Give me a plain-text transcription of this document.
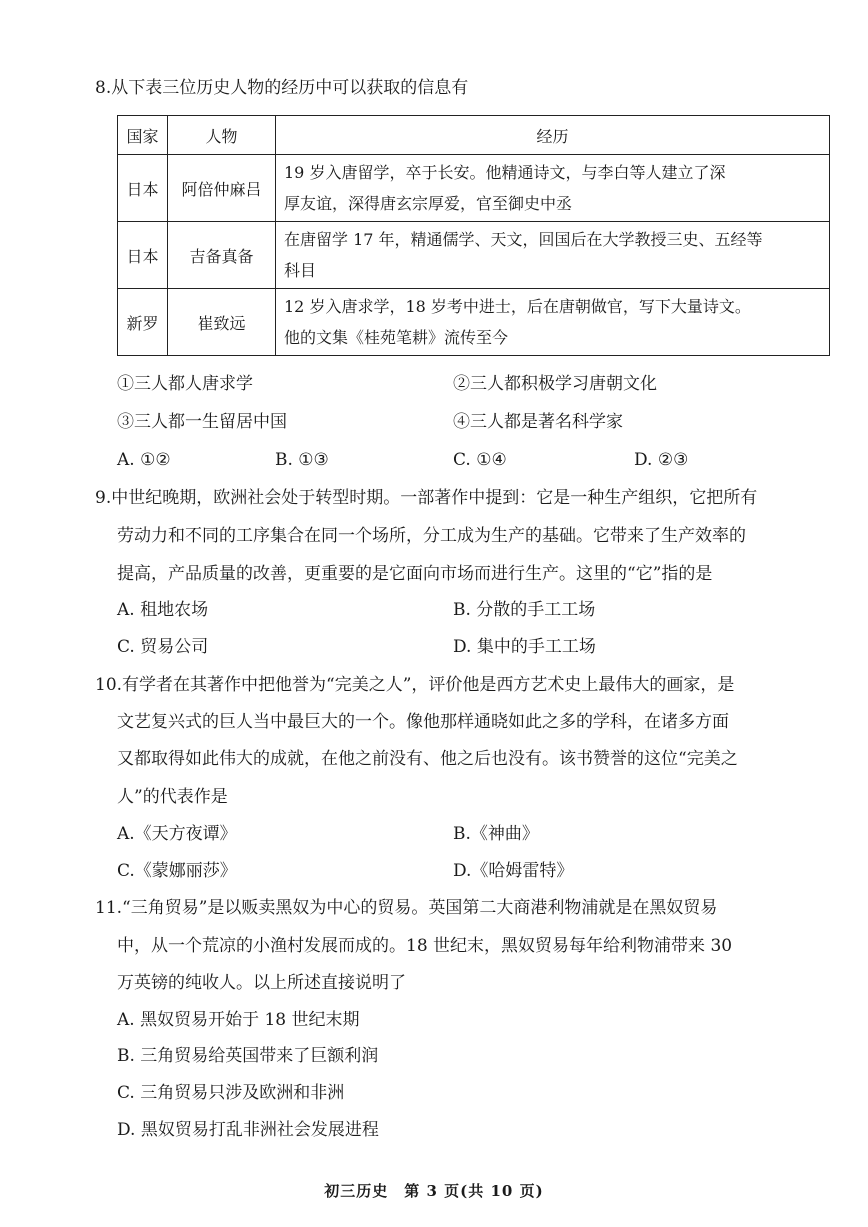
8.从下表三位历史人物的经历中可以获取的信息有
国家	人物	经历
日本	阿倍仲麻吕	19 岁入唐留学，卒于长安。他精通诗文，与李白等人建立了深
厚友谊，深得唐玄宗厚爱，官至御史中丞

日本	吉备真备	在唐留学 17 年，精通儒学、天文，回国后在大学教授三史、五经等
科目

新罗	崔致远	12 岁入唐求学，18 岁考中进士，后在唐朝做官，写下大量诗文。
他的文集《桂苑笔耕》流传至今
①三人都人唐求学	②三人都积极学习唐朝文化
③三人都一生留居中国	④三人都是著名科学家
A. ①②	B. ①③	C. ①④	D. ②③
9.中世纪晚期，欧洲社会处于转型时期。一部著作中提到：它是一种生产组织，它把所有
劳动力和不同的工序集合在同一个场所，分工成为生产的基础。它带来了生产效率的
提高，产品质量的改善，更重要的是它面向市场而进行生产。这里的“它”指的是
A. 租地农场	B. 分散的手工工场
C. 贸易公司	D. 集中的手工工场
10.有学者在其著作中把他誉为“完美之人”，评价他是西方艺术史上最伟大的画家，是
文艺复兴式的巨人当中最巨大的一个。像他那样通晓如此之多的学科，在诸多方面
又都取得如此伟大的成就，在他之前没有、他之后也没有。该书赞誉的这位“完美之
人”的代表作是
A.《天方夜谭》	B.《神曲》
C.《蒙娜丽莎》	D.《哈姆雷特》
11.“三角贸易”是以贩卖黑奴为中心的贸易。英国第二大商港利物浦就是在黑奴贸易
中，从一个荒凉的小渔村发展而成的。18 世纪末，黑奴贸易每年给利物浦带来 30
万英镑的纯收人。以上所述直接说明了
A. 黑奴贸易开始于 18 世纪末期
B. 三角贸易给英国带来了巨额利润
C. 三角贸易只涉及欧洲和非洲
D. 黑奴贸易打乱非洲社会发展进程
初三历史　第 3 页(共 10 页)
